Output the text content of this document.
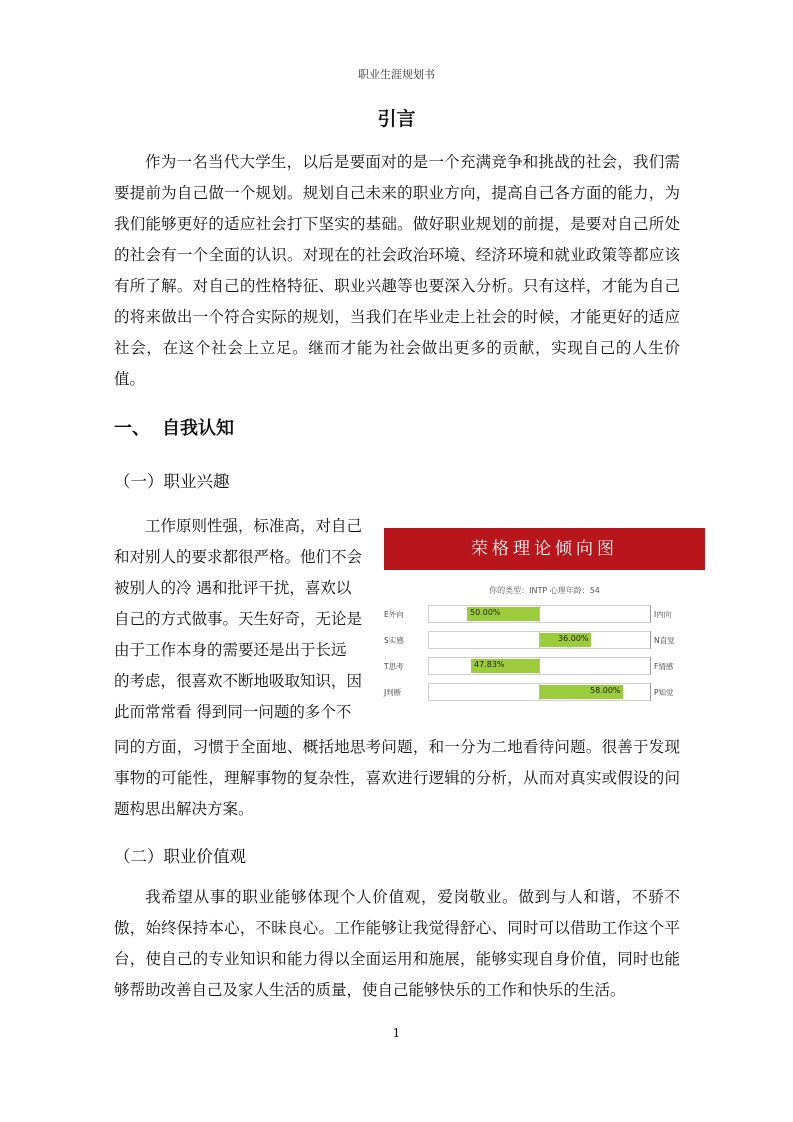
职业生涯规划书
引言

作为一名当代大学生，以后是要面对的是一个充满竞争和挑战的社会，我们需要提前为自己做一个规划。规划自己未来的职业方向，提高自己各方面的能力，为我们能够更好的适应社会打下坚实的基础。做好职业规划的前提，是要对自己所处的社会有一个全面的认识。对现在的社会政治环境、经济环境和就业政策等都应该有所了解。对自己的性格特征、职业兴趣等也要深入分析。只有这样，才能为自己的将来做出一个符合实际的规划，当我们在毕业走上社会的时候，才能更好的适应社会，在这个社会上立足。继而才能为社会做出更多的贡献，实现自己的人生价值。

一、 自我认知
（一）职业兴趣
工作原则性强，标准高，对自己
和对别人的要求都很严格。他们不会
被别人的冷 遇和批评干扰，喜欢以
自己的方式做事。天生好奇，无论是
由于工作本身的需要还是出于长远
的考虑，很喜欢不断地吸取知识，因
此而常常看 得到同一问题的多个不
荣格理论倾向图
你的类型：INTP 心理年龄：54
E外向	50.00%	I内向
S实感	36.00%	N直觉
T思考	47.83%	F情感
J判断	58.00%	P知觉

同的方面，习惯于全面地、概括地思考问题，和一分为二地看待问题。很善于发现事物的可能性，理解事物的复杂性，喜欢进行逻辑的分析，从而对真实或假设的问题构思出解决方案。

（二）职业价值观

我希望从事的职业能够体现个人价值观，爱岗敬业。做到与人和谐，不骄不傲，始终保持本心，不昧良心。工作能够让我觉得舒心、同时可以借助工作这个平台，使自己的专业知识和能力得以全面运用和施展，能够实现自身价值，同时也能够帮助改善自己及家人生活的质量，使自己能够快乐的工作和快乐的生活。

1
